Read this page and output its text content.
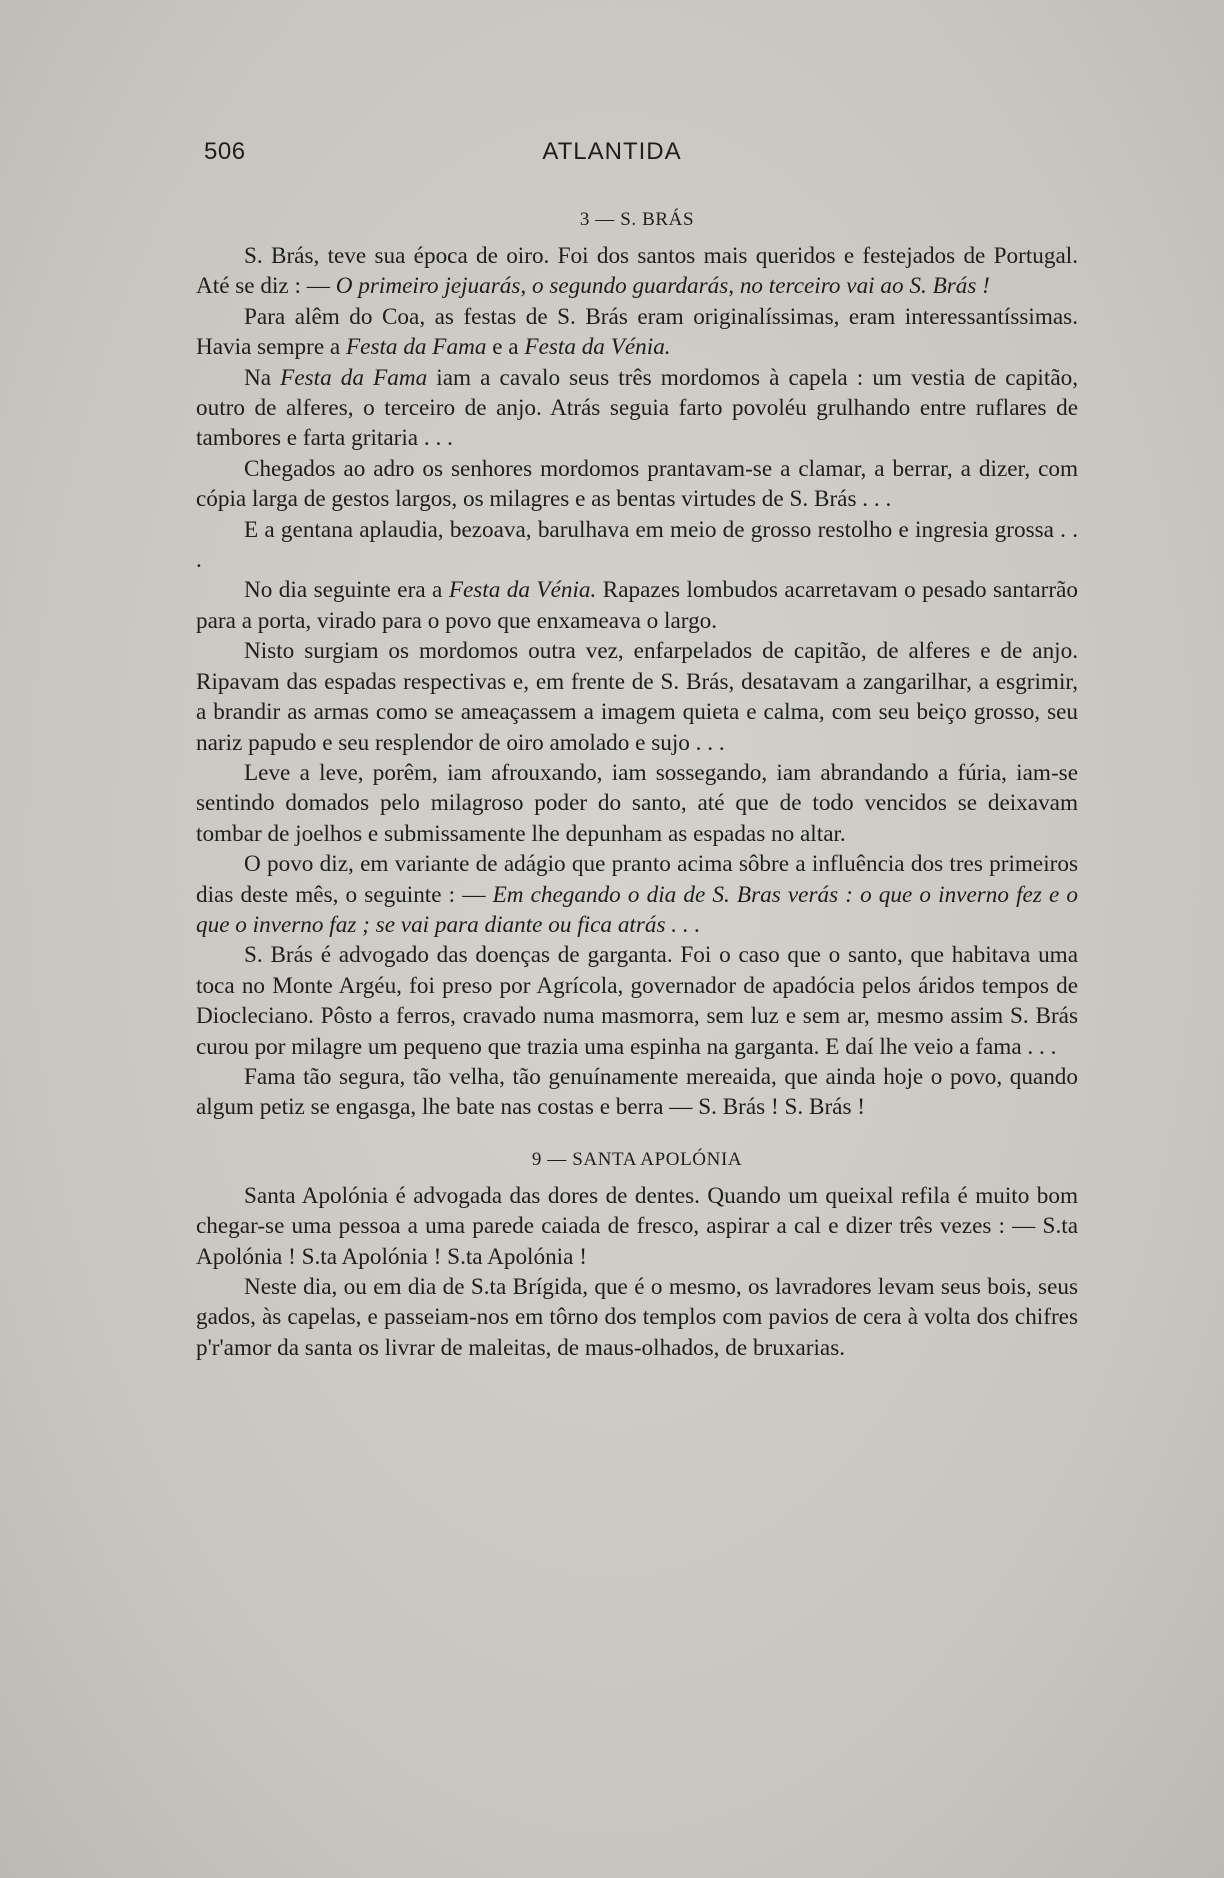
506	ATLANTIDA
3 — S. BRÁS

S. Brás, teve sua época de oiro. Foi dos santos mais queridos e festejados de Portugal. Até se diz : — O primeiro jejuarás, o segundo guardarás, no terceiro vai ao S. Brás !

Para alêm do Coa, as festas de S. Brás eram originalíssimas, eram interessantíssimas. Havia sempre a Festa da Fama e a Festa da Vénia.

Na Festa da Fama iam a cavalo seus três mordomos à capela : um vestia de capitão, outro de alferes, o terceiro de anjo. Atrás seguia farto povoléu grulhando entre ruflares de tambores e farta gritaria . . .

Chegados ao adro os senhores mordomos prantavam-se a clamar, a berrar, a dizer, com cópia larga de gestos largos, os milagres e as bentas virtudes de S. Brás . . .

E a gentana aplaudia, bezoava, barulhava em meio de grosso restolho e ingresia grossa . . .

No dia seguinte era a Festa da Vénia. Rapazes lombudos acarretavam o pesado santarrão para a porta, virado para o povo que enxameava o largo.

Nisto surgiam os mordomos outra vez, enfarpelados de capitão, de alferes e de anjo. Ripavam das espadas respectivas e, em frente de S. Brás, desatavam a zangarilhar, a esgrimir, a brandir as armas como se ameaçassem a imagem quieta e calma, com seu beiço grosso, seu nariz papudo e seu resplendor de oiro amolado e sujo . . .

Leve a leve, porêm, iam afrouxando, iam sossegando, iam abrandando a fúria, iam-se sentindo domados pelo milagroso poder do santo, até que de todo vencidos se deixavam tombar de joelhos e submissamente lhe depunham as espadas no altar.

O povo diz, em variante de adágio que pranto acima sôbre a influência dos tres primeiros dias deste mês, o seguinte : — Em chegando o dia de S. Bras verás : o que o inverno fez e o que o inverno faz ; se vai para diante ou fica atrás . . .

S. Brás é advogado das doenças de garganta. Foi o caso que o santo, que habitava uma toca no Monte Argéu, foi preso por Agrícola, governador de apadócia pelos áridos tempos de Diocleciano. Pôsto a ferros, cravado numa masmorra, sem luz e sem ar, mesmo assim S. Brás curou por milagre um pequeno que trazia uma espinha na garganta. E daí lhe veio a fama . . .

Fama tão segura, tão velha, tão genuínamente mereaida, que ainda hoje o povo, quando algum petiz se engasga, lhe bate nas costas e berra — S. Brás ! S. Brás !

9 — SANTA APOLÓNIA

Santa Apolónia é advogada das dores de dentes. Quando um queixal refila é muito bom chegar-se uma pessoa a uma parede caiada de fresco, aspirar a cal e dizer três vezes : — S.ta Apolónia ! S.ta Apolónia ! S.ta Apolónia !

Neste dia, ou em dia de S.ta Brígida, que é o mesmo, os lavradores levam seus bois, seus gados, às capelas, e passeiam-nos em tôrno dos templos com pavios de cera à volta dos chifres p'r'amor da santa os livrar de maleitas, de maus-olhados, de bruxarias.
